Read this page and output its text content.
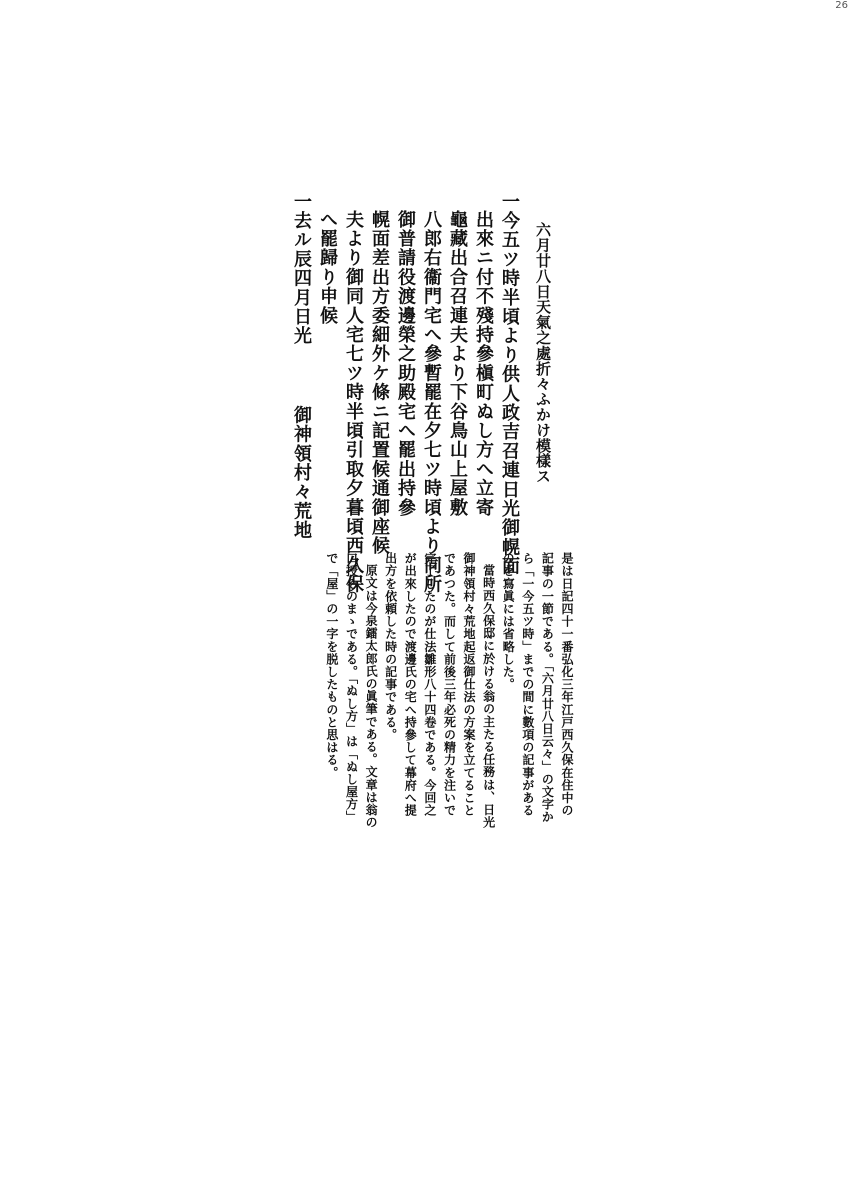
26
六月廿八日天氣之處折々ふかけ模樣ス
一今五ツ時半頃より供人政吉召連日光御幌面
出來ニ付不殘持參槇町ぬし方へ立寄
龜藏出合召連夫より下谷鳥山上屋敷
八郎右衞門宅へ參暫罷在夕七ツ時頃より同所
御普請役渡邊榮之助殿宅へ罷出持參
幌面差出方委細外ケ條ニ記置候通御座候
夫より御同人宅七ツ時半頃引取夕暮頃西久保
へ罷歸り申候
一去ル辰四月日光御神領村々荒地
是は日記四十一番弘化三年江戸西久保在住中の
記事の一節である。「六月廿八日云々」の文字か
ら「一今五ツ時」までの間に數項の記事がある
のを寫眞には省略した。
當時西久保邸に於ける翁の主たる任務は、日光
御神領村々荒地起返御仕法の方案を立てること
であつた。而して前後三年必死の精力を注いで
完了したのが仕法雛形八十四卷である。今回之
が出來したので渡邊氏の宅へ持參して幕府へ提
出方を依頼した時の記事である。
原文は今泉鐳太郎氏の眞筆である。文章は翁の
口授そのまゝである。「ぬし方」は「ぬし屋方」
で「屋」の一字を脱したものと思はる。
